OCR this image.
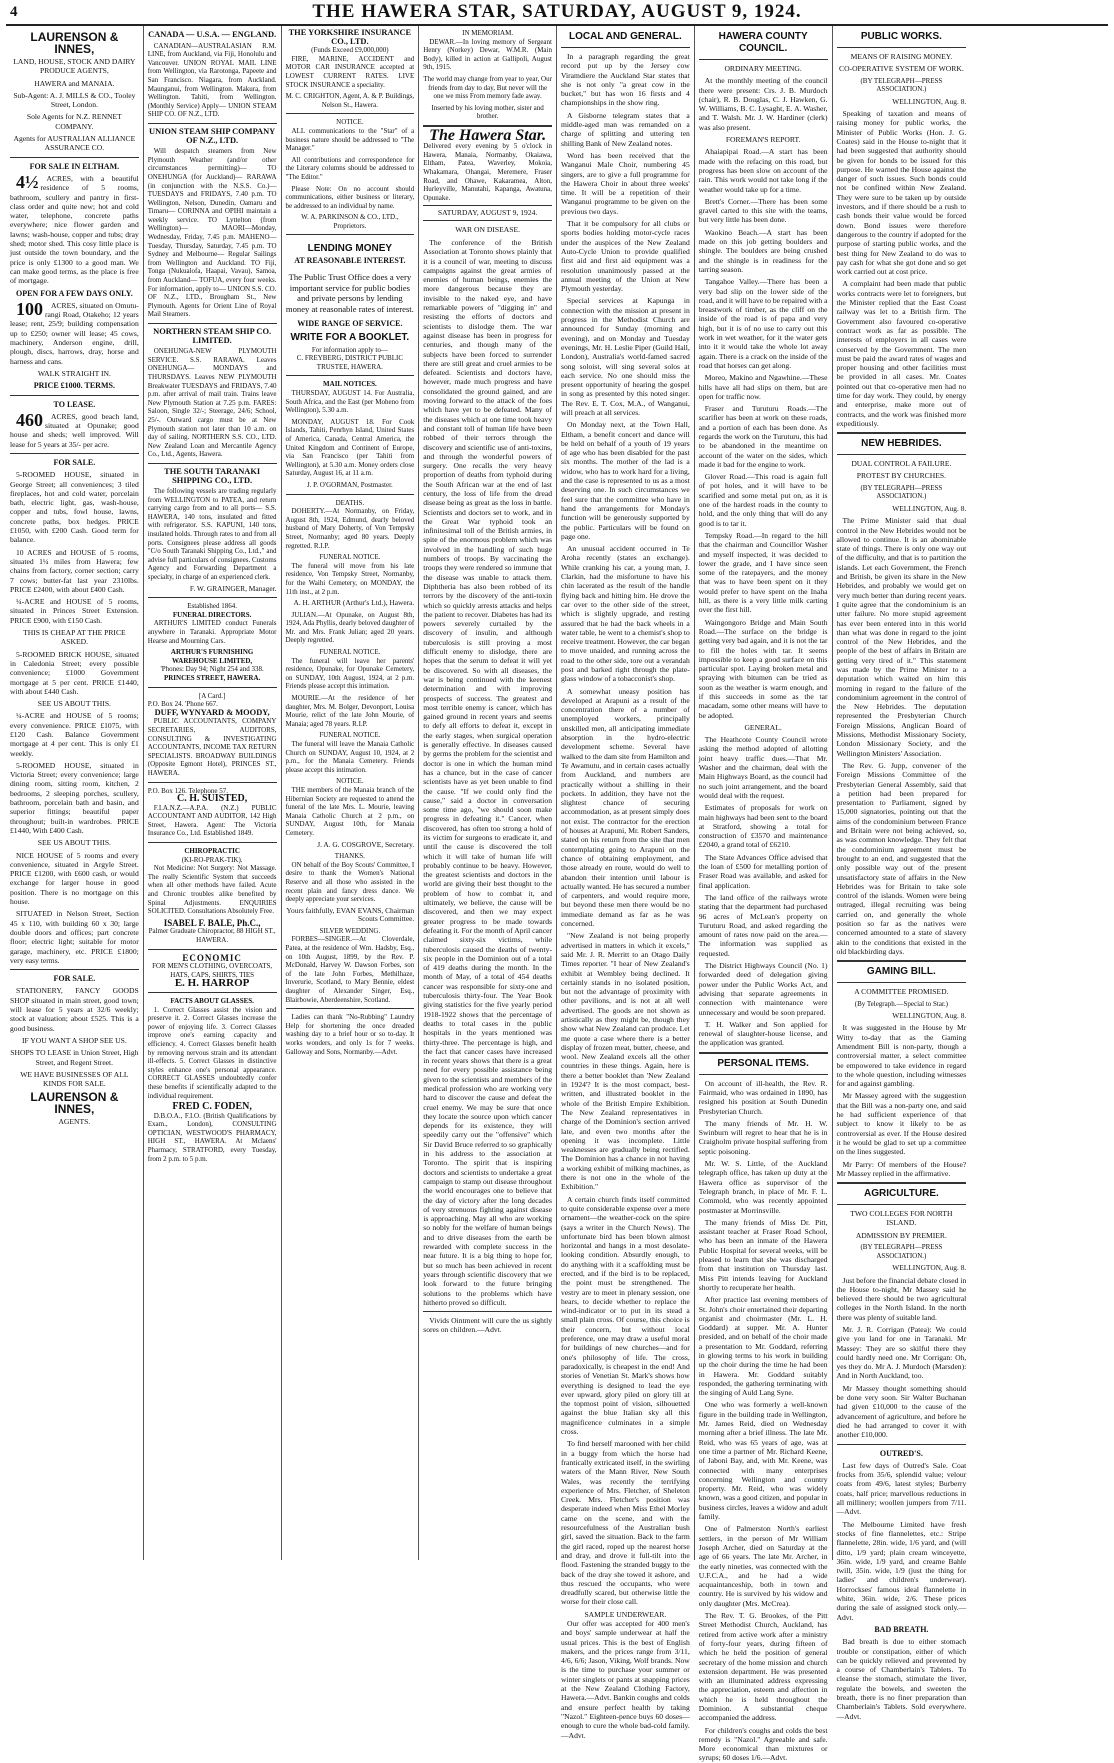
4	THE HAWERA STAR, SATURDAY, AUGUST 9, 1924.
LAURENSON & INNES,
LAND, HOUSE, STOCK AND DAIRY PRODUCE AGENTS,
HAWERA and MANAIA.
Sub-Agent: A. J. MILLS & CO., Tooley Street, London.
Sole Agents for N.Z. RENNET COMPANY.
Agents for AUSTRALIAN ALLIANCE ASSURANCE CO.
FOR SALE IN ELTHAM.

4½ ACRES, with a beautiful residence of 5 rooms, bathroom, scullery and pantry in first-class order and quite new; hot and cold water, telephone, concrete paths everywhere; nice flower garden and lawns; wash-house, copper and tubs; dray shed; motor shed. This cosy little place is just outside the town boundary, and the price is only £1300 to a good man. We can make good terms, as the place is free of mortgage.

OPEN FOR A FEW DAYS ONLY.

100 ACRES, situated on Omutu-rangi Road, Otakeho; 12 years lease; rent, 25/9; building compensation up to £250; owner will lease; 45 cows, machinery, Anderson engine, drill, plough, discs, harrows, dray, horse and harness and cans.

WALK STRAIGHT IN.
PRICE £1000. TERMS.
TO LEASE.

460 ACRES, good beach land, situated at Opunake; good house and sheds; well improved. Will lease for 5 years at 35/- per acre.

FOR SALE.

5-ROOMED HOUSE, situated in George Street; all conveniences; 3 tiled fireplaces, hot and cold water, porcelain bath, electric light, gas, wash-house, copper and tubs, fowl house, lawns, concrete paths, box hedges. PRICE £1050, with £200 Cash. Good term for balance.

10 ACRES and HOUSE of 5 rooms, situated 1¼ miles from Hawera; few chains from factory, corner section; carry 7 cows; butter-fat last year 2310lbs. PRICE £2400, with about £400 Cash.

¼-ACRE and HOUSE of 5 rooms, situated in Princes Street Extension. PRICE £900, with £150 Cash.

THIS IS CHEAP AT THE PRICE ASKED.

5-ROOMED BRICK HOUSE, situated in Caledonia Street; every possible convenience; £1000 Government mortgage at 5 per cent. PRICE £1440, with about £440 Cash.

SEE US ABOUT THIS.

¼-ACRE and HOUSE of 5 rooms; every convenience. PRICE £1075, with £120 Cash. Balance Government mortgage at 4 per cent. This is only £1 weekly.

5-ROOMED HOUSE, situated in Victoria Street; every convenience; large dining room, sitting room, kitchen, 2 bedrooms, 2 sleeping porches, scullery, bathroom, porcelain bath and basin, and superior fittings; beautiful paper throughout; built-in wardrobes. PRICE £1440, With £400 Cash.

SEE US ABOUT THIS.

NICE HOUSE of 5 rooms and every convenience, situated in Argyle Street. PRICE £1200, with £600 cash, or would exchange for larger house in good position. There is no mortgage on this house.

SITUATED in Nelson Street, Section 45 x 110, with building 60 x 30; large double doors and offices; part concrete floor; electric light; suitable for motor garage, machinery, etc. PRICE £1800; very easy terms.

FOR SALE.

STATIONERY, FANCY GOODS SHOP situated in main street, good town; will lease for 5 years at 32/6 weekly; stock at valuation; about £525. This is a good business.

IF YOU WANT A SHOP SEE US.
SHOPS TO LEASE in Union Street, High Street, and Regent Street.
WE HAVE BUSINESSES OF ALL KINDS FOR SALE.
LAURENSON & INNES,
AGENTS.
CANADA — U.S.A. — ENGLAND.

CANADIAN—AUSTRALASIAN R.M. LINE, from Auckland, via Fiji, Honolulu and Vancouver. UNION ROYAL MAIL LINE from Wellington, via Rarotonga, Papeete and San Francisco. Niagara, from Auckland. Maunganui, from Wellington. Makura, from Wellington. Tahiti, from Wellington. (Monthly Service) Apply— UNION STEAM SHIP CO. OF N.Z., LTD.

UNION STEAM SHIP COMPANY OF N.Z., LTD.

Will despatch steamers from New Plymouth Weather (and/or other circumstances permitting)— TO ONEHUNGA (for Auckland)— RARAWA (in conjunction with the N.S.S. Co.)— TUESDAYS and FRIDAYS, 7.40 p.m. TO Wellington, Nelson, Dunedin, Oamaru and Timaru— CORINNA and OPIHI maintain a weekly service. TO Lyttelton (from Wellington)— MAORI—Monday, Wednesday, Friday, 7.45 p.m. MAHENO—Tuesday, Thursday, Saturday, 7.45 p.m. TO Sydney and Melbourne— Regular Sailings from Wellington and Auckland. TO Fiji, Tonga (Nukualofa, Haapai, Vavau), Samoa, from Auckland— TOFUA, every four weeks. For information, apply to— UNION S.S. CO. OF N.Z., LTD., Brougham St., New Plymouth. Agents for Orient Line of Royal Mail Steamers.

NORTHERN STEAM SHIP CO. LIMITED.

ONEHUNGA-NEW PLYMOUTH SERVICE. S.S. RARAWA. Leaves ONEHUNGA— MONDAYS and THURSDAYS. Leaves NEW PLYMOUTH Breakwater TUESDAYS and FRIDAYS, 7.40 p.m. after arrival of mail train. Trains leave New Plymouth Station at 7.25 p.m. FARES: Saloon, Single 32/-; Steerage, 24/6; School, 25/-. Outward cargo must be at New Plymouth station not later than 10 a.m. on day of sailing. NORTHERN S.S. CO., LTD. New Zealand Loan and Mercantile Agency Co., Ltd., Agents, Hawera.

THE SOUTH TARANAKI SHIPPING CO., LTD.

The following vessels are trading regularly from WELLINGTON to PATEA, and return carrying cargo from and to all ports— S.S. HAWERA, 140 tons, insulated and fitted with refrigerator. S.S. KAPUNI, 140 tons, insulated holds. Through rates to and from all ports. Consignees please address all goods "C/o South Taranaki Shipping Co., Ltd.," and advise full particulars of consignees. Customs Agency and Forwarding Department a specialty, in charge of an experienced clerk.

F. W. GRAINGER, Manager.
Established 1864.
FUNERAL DIRECTORS.

ARTHUR'S LIMITED conduct Funerals anywhere in Taranaki. Appropriate Motor Hearse and Mourning Cars.

ARTHUR'S FURNISHING WAREHOUSE LIMITED,
'Phones: Day 94; Night 254 and 338.
PRINCES STREET, HAWERA.
[A Card.]
P.O. Box 24. 'Phone 667.
DUFF, WYNYARD & MOODY,

PUBLIC ACCOUNTANTS, COMPANY SECRETARIES, AUDITORS, CONSULTING & INVESTIGATING ACCOUNTANTS, INCOME TAX RETURN SPECIALISTS. BROADWAY BUILDINGS (Opposite Egmont Hotel), PRINCES ST., HAWERA.

P.O. Box 126. Telephone 57.
C. H. SUISTED,

F.I.A.N.Z.—A.P.A. (N.Z.) PUBLIC ACCOUNTANT AND AUDITOR, 142 High Street, Hawera. Agent: The Victoria Insurance Co., Ltd. Established 1849.

CHIROPRACTIC
(KI-RO-PRAK-TIK).

Not Medicine: Not Surgery: Not Massage. The really Scientific System that succeeds when all other methods have failed. Acute and Chronic troubles alike benefited by Spinal Adjustments. ENQUIRIES SOLICITED. Consultations Absolutely Free.

ISABEL F. BALE, Ph.C.,
Palmer Graduate Chiropractor, 88 HIGH ST., HAWERA.
ECONOMIC
FOR MEN'S CLOTHING, OVERCOATS, HATS, CAPS, SHIRTS, TIES
E. H. HARROP
FACTS ABOUT GLASSES.

1. Correct Glasses assist the vision and preserve it. 2. Correct Glasses increase the power of enjoying life. 3. Correct Glasses improve one's earning capacity and efficiency. 4. Correct Glasses benefit health by removing nervous strain and its attendant ill-effects. 5. Correct Glasses in distinctive styles enhance one's personal appearance. CORRECT GLASSES undoubtedly confer these benefits if scientifically adapted to the individual requirement.

FRED C. FODEN,

D.B.O.A., F.I.O. (British Qualifications by Exam., London), CONSULTING OPTICIAN, WESTWOOD'S PHARMACY, HIGH ST., HAWERA. At Mclaens' Pharmacy, STRATFORD, every Tuesday, from 2 p.m. to 5 p.m.

THE YORKSHIRE INSURANCE CO., LTD.
(Funds Exceed £9,000,000)

FIRE, MARINE, ACCIDENT and MOTOR CAR INSURANCE accepted at LOWEST CURRENT RATES. LIVE STOCK INSURANCE a speciality.

M. C. CRIGHTON, Agent, A. & P. Buildings, Nelson St., Hawera.
NOTICE.

ALL communications to the "Star" of a business nature should be addressed to "The Manager."

All contributions and correspondence for the Literary columns should be addressed to "The Editor."

Please Note: On no account should communications, either business or literary, be addressed to an individual by name.

W. A. PARKINSON & CO., LTD., Proprietors.
LENDING MONEY
AT REASONABLE INTEREST.
The Public Trust Office does a very important service for public bodies and private persons by lending money at reasonable rates of interest.
WIDE RANGE OF SERVICE.
WRITE FOR A BOOKLET.
For information apply to—
C. FREYBERG, DISTRICT PUBLIC TRUSTEE, HAWERA.
MAIL NOTICES.

THURSDAY, AUGUST 14. For Australia, South Africa, and the East (per Moheno from Wellington), 5.30 a.m.

MONDAY, AUGUST 18. For Cook Islands, Tahiti, Penrhyn Island, United States of America, Canada, Central America, the United Kingdom and Continent of Europe, via San Francisco (per Tahiti from Wellington), at 5.30 a.m. Money orders close Saturday, August 16, at 11 a.m.

J. P. O'GORMAN, Postmaster.
DEATHS.

DOHERTY.—At Normanby, on Friday, August 8th, 1924, Edmund, dearly beloved husband of Mary Doherty, of Von Tempsky Street, Normanby; aged 80 years. Deeply regretted. R.I.P.

FUNERAL NOTICE.

The funeral will move from his late residence, Von Tempsky Street, Normanby, for the Waihi Cemetery, on MONDAY, the 11th inst., at 2 p.m.

A. H. ARTHUR (Arthur's Ltd.), Hawera.

JULIAN.—At Opunake, on August 8th, 1924, Ada Phyllis, dearly beloved daughter of Mr. and Mrs. Frank Julian; aged 20 years. Deeply regretted.

FUNERAL NOTICE.

The funeral will leave her parents' residence, Opunake, for Opunake Cemetery, on SUNDAY, 10th August, 1924, at 2 p.m. Friends please accept this intimation.

MOURIE.—At the residence of her daughter, Mrs. M. Bolger, Devonport, Louisa Mourie, relict of the late John Mourie, of Manaia; aged 78 years. R.I.P.

FUNERAL NOTICE.

The funeral will leave the Manaia Catholic Church on SUNDAY, August 10, 1924, at 2 p.m., for the Manaia Cemetery. Friends please accept this intimation.

NOTICE.

THE members of the Manaia branch of the Hibernian Society are requested to attend the funeral of the late Mrs. L. Mourie, leaving Manaia Catholic Church at 2 p.m., on SUNDAY, August 10th, for Manaia Cemetery.

J. A. G. COSGROVE, Secretary.
THANKS.

ON behalf of the Boy Scouts' Committee, I desire to thank the Women's National Reserve and all those who assisted in the recent plain and fancy dress dance. We deeply appreciate your services.

Yours faithfully, EVAN EVANS, Chairman Scouts Committee.
SILVER WEDDING.

FORBES—SINGER.—At Cloverdale, Patea, at the residence of Wm. Hadsby, Esq., on 10th August, 1899, by the Rev. P. McDonald, Harvey W. Dawson Forbes, son of the late John Forbes, Methilhaze, Inverurie, Scotland, to Mary Bennie, eldest daughter of Alexander Singer, Esq., Blairbowie, Aberdeenshire, Scotland.

Ladies can thank "No-Rubbing" Laundry Help for shortening the once dreaded washing day to a brief hour or so to-day. It works wonders, and only 1s for 7 weeks. Galloway and Sons, Normanby.—Advt.

IN MEMORIAM.

DEWAR.—In loving memory of Sergeant Henry (Norkey) Dewar, W.M.R. (Main Body), killed in action at Gallipoli, August 9th, 1915.

The world may change from year to year, Our friends from day to day, But never will the one we miss From memory fade away.

Inserted by his loving mother, sister and brother.

The Hawera Star.

Delivered every evening by 5 o'clock in Hawera, Manaia, Normanby, Okaiawa, Eltham, Patea, Waverley, Mokoia, Whakamara, Ohangai, Meremere, Fraser Road, and Ohawe, Kakaramea, Alton, Hurleyville, Manutahi, Kapanga, Awatuna, Opunake.

SATURDAY, AUGUST 9, 1924.
WAR ON DISEASE.

The conference of the British Association at Toronto shows plainly that it is a council of war, meeting to discuss campaigns against the great armies of enemies of human beings, enemies the more dangerous because they are invisible to the naked eye, and have remarkable powers of "digging in" and resisting the efforts of doctors and scientists to dislodge them. The war against disease has been in progress for centuries, and though many of the subjects have been forced to surrender there are still great and cruel armies to be defeated. Scientists and doctors have, however, made much progress and have consolidated the ground gained, and are moving forward to the attack of the foes which have yet to be defeated. Many of the diseases which at one time took heavy and constant toll of human life have been robbed of their terrors through the discovery and scientific use of anti-toxins, and through the wonderful powers of surgery. One recalls the very heavy proportion of deaths from typhoid during the South African war at the end of last century, the loss of life from the dread disease being as great as the loss in battle. Scientists and doctors set to work, and in the Great War typhoid took an infinitesimal toll of the British armies, in spite of the enormous problem which was involved in the handling of such huge numbers of troops. By vaccinating the troops they were rendered so immune that the disease was unable to attack them. Diphtheria has also been robbed of its terrors by the discovery of the anti-toxin which so quickly arrests attacks and helps the patient to recover. Diabetes has had its powers severely curtailed by the discovery of insulin, and although tuberculosis is still proving a most difficult enemy to dislodge, there are hopes that the serum to defeat it will yet be discovered. So with all diseases, the war is being continued with the keenest determination and with improving prospects of success. The greatest and most terrible enemy is cancer, which has gained ground in recent years and seems to defy all efforts to defeat it, except in the early stages, when surgical operation is generally effective. In diseases caused by germs the problem for the scientist and doctor is one in which the human mind has a chance, but in the case of cancer scientists have as yet been unable to find the cause. "If we could only find the cause," said a doctor in conversation some time ago, "we should soon make progress in defeating it." Cancer, when discovered, has often too strong a hold of its victim for surgeons to eradicate it, and until the cause is discovered the toll which it will take of human life will probably continue to be heavy. However, the greatest scientists and doctors in the world are giving their best thought to the problem of how to combat it, and ultimately, we believe, the cause will be discovered, and then we may expect greater progress to be made towards defeating it. For the month of April cancer claimed sixty-six victims, while tuberculosis caused the deaths of twenty-six people in the Dominion out of a total of 419 deaths during the month. In the month of May, of a total of 454 deaths cancer was responsible for sixty-one and tuberculosis thirty-four. The Year Book giving statistics for the five yearly period 1918-1922 shows that the percentage of deaths to total cases in the public hospitals in the years mentioned was thirty-three. The percentage is high, and the fact that cancer cases have increased in recent years shows that there is a great need for every possible assistance being given to the scientists and members of the medical profession who are working very hard to discover the cause and defeat the cruel enemy. We may be sure that once they locate the source upon which cancer depends for its existence, they will speedily carry out the "offensive" which Sir David Bruce referred to so graphically in his address to the association at Toronto. The spirit that is inspiring doctors and scientists to undertake a great campaign to stamp out disease throughout the world encourages one to believe that the day of victory after the long decades of very strenuous fighting against disease is approaching. May all who are working so nobly for the welfare of human beings and to drive diseases from the earth be rewarded with complete success in the near future. It is a big thing to hope for, but so much has been achieved in recent years through scientific discovery that we look forward to the future bringing solutions to the problems which have hitherto proved so difficult.

Vivids Ointment will cure the us sightly sores on children.—Advt.

LOCAL AND GENERAL.

In a paragraph regarding the great record put up by the Jersey cow Viramdiere the Auckland Star states that she is not only "a great cow in the bucket," but has won 16 firsts and 4 championships in the show ring.

A Gisborne telegram states that a middle-aged man was remanded on a charge of splitting and uttering ten shilling Bank of New Zealand notes.

Word has been received that the Wanganui Male Choir, numbering 45 singers, are to give a full programme for the Hawera Choir in about three weeks' time. It will be a repetition of their Wanganui programme to be given on the previous two days.

That it be compulsory for all clubs or sports bodies holding motor-cycle races under the auspices of the New Zealand Auto-Cycle Union to provide qualified first aid and first aid equipment was a resolution unanimously passed at the annual meeting of the Union at New Plymouth yesterday.

Special services at Kapunga in connection with the mission at present in progress in the Methodist Church are announced for Sunday (morning and evening), and on Monday and Tuesday evenings, Mr. H. Leslie Piper (Guild Hall, London), Australia's world-famed sacred song soloist, will sing several solos at each service. No one should miss the present opportunity of hearing the gospel in song as presented by this noted singer. The Rev. E. T. Cox, M.A., of Wanganui, will preach at all services.

On Monday next, at the Town Hall, Eltham, a benefit concert and dance will be held on behalf of a youth of 19 years of age who has been disabled for the past six months. The mother of the lad is a widow, who has to work hard for a living, and the case is represented to us as a most deserving one. In such circumstances we feel sure that the committee who have in hand the arrangements for Monday's function will be generously supported by the public. Particulars will be found on page one.

An unusual accident occurred in Te Aroha recently (states an exchange). While cranking his car, a young man, J. Clarkin, had the misfortune to have his chin lacerated as the result of the handle flying back and hitting him. He drove the car over to the other side of the street, which is slightly upgrade, and resting assured that he had the back wheels in a water table, he went to a chemist's shop to receive treatment. However, the car began to move unaided, and running across the road to the other side, tore out a verandah post and barked right through the plate-glass window of a tobacconist's shop.

A somewhat uneasy position has developed at Arapuni as a result of the concentration there of a number of unemployed workers, principally unskilled men, all anticipating immediate absorption in the hydro-electric development scheme. Several have walked to the dam site from Hamilton and Te Awamutu, and in certain cases actually from Auckland, and numbers are practically without a shilling in their pockets. In addition, they have not the slightest chance of securing accommodation, as at present simply does not exist. The contractor for the erection of houses at Arapuni, Mr. Robert Sanders, stated on his return from the site that men contemplating going to Arapuni on the chance of obtaining employment, and those already en route, would do well to abandon their intention until labour is actually wanted. He has secured a number of carpenters, and would require more, but beyond these men there would be no immediate demand as far as he was concerned.

"New Zealand is not being properly advertised in matters in which it excels," said Mr. J. R. Merritt to an Otago Daily Times reporter. "I hear of New Zealand's exhibit at Wembley being declined. It certainly stands in no isolated position, but not the advantage of proximity with other pavilions, and is not at all well advertised. The goods are not shown as artistically as they might be, though they show what New Zealand can produce. Let me quote a case where there is a better display of frozen meat, butter, cheese, and wool. New Zealand excels all the other countries in these things. Again, here is there a better booklet than 'New Zealand in 1924'? It is the most compact, best-written, and illustrated booklet in the whole of the British Empire Exhibition. The New Zealand representatives in charge of the Dominion's section arrived late, and even two months after the opening it was incomplete. Little weaknesses are gradually being rectified. The Dominion has a chance in not having a working exhibit of milking machines, as there is not one in the whole of the Exhibition."

A certain church finds itself committed to quite considerable expense over a mere ornament—the weather-cock on the spire (says a writer in the Church News). The unfortunate bird has been blown almost horizontal and hangs in a most desolate-looking condition. Absurdly enough, to do anything with it a scaffolding must be erected, and if the bird is to be replaced, the point must be strengthened. The vestry are to meet in plenary session, one hears, to decide whether to replace the wind-indicator or to put in its stead a small plain cross. Of course, this choice is their concern, but without local preference, one may draw a useful moral for buildings of new churches—and for one's philosophy of life. The cross, paradoxically, is cheapest in the end! And stories of Venetian St. Mark's shows how everything is designed to lead the eye ever upward, glory piled on glory till at the topmost point of vision, silhouetted against the blue Italian sky all this magnificence culminates in a simple cross.

To find herself marooned with her child in a buggy from which the horse had frantically extricated itself, in the swirling waters of the Mann River, New South Wales, was recently the terrifying experience of Mrs. Fletcher, of Sheleton Creek. Mrs. Fletcher's position was desperate indeed when Miss Ethel Morley came on the scene, and with the resourcefulness of the Australian bush girl, saved the situation. Back to the farm the girl raced, roped up the nearest horse and dray, and drove it full-tilt into the flood. Fastening the stranded buggy to the back of the dray she towed it ashore, and thus rescued the occupants, who were dreadfully scared, but otherwise little the worse for their close call.

SAMPLE UNDERWEAR.

Our offer was accepted for 400 men's and boys' sample underwear at half the usual prices. This is the best of English makers, and the prices range from 3/11, 4/6, 6/6; Jason, Viking, Wolf brands. Now is the time to purchase your summer or winter singlets or pants at snapping prices at the New Zealand Clothing Factory, Hawera.—Advt. Bankin coughs and colds and ensure perfect health by taking "Nazol." Eighteen-pence buys 60 doses—enough to cure the whole bad-cold family.—Advt.

HAWERA COUNTY COUNCIL.
ORDINARY MEETING.

At the monthly meeting of the council there were present: Crs. J. B. Murdoch (chair), R. B. Douglas, C. J. Hawken, G. W. Williams, B. C. Lysaght, E. A. Washer, and T. Walsh. Mr. J. W. Hardiner (clerk) was also present.

FOREMAN'S REPORT.

Ahaiapipai Road.—A start has been made with the refacing on this road, but progress has been slow on account of the rain. This work would not take long if the weather would take up for a time.

Brett's Corner.—There has been some gravel carted to this site with the teams, but very little has been done.

Waokino Beach.—A start has been made on this job getting boulders and shingle. The boulders are being crushed and the shingle is in readiness for the tarring season.

Tangahoe Valley.—There has been a very bad slip on the lower side of the road, and it will have to be repaired with a breastwork of timber, as the cliff on the inside of the road is of papa and very high, but it is of no use to carry out this work in wet weather, for it the water gets into it it would take the whole lot away again. There is a crack on the inside of the road that horses can get along.

Moreo, Makino and Ngawhine.—These hills have all had slips on them, but are open for traffic now.

Fraser and Turuturu Roads.—The scarifier has been at work on these roads, and a portion of each has been done. As regards the work on the Turuturu, this had to be abandoned in the meantime on account of the water on the sides, which made it bad for the engine to work.

Glover Road.—This road is again full of pot holes, and it will have to be scarified and some metal put on, as it is one of the hardest roads in the county to hold, and the only thing that will do any good is to tar it.

Tempsky Road.—In regard to the hill that the chairman and Councillor Washer and myself inspected, it was decided to lower the grade, and I have since seen some of the ratepayers, and the money that was to have been spent on it they would prefer to have spent on the Inaha hill, as there is a very little milk carting over the first hill.

Waingongoro Bridge and Main South Road.—The surface on the bridge is getting very bad again, and it is not the tar to fill the holes with tar. It seems impossible to keep a good surface on this particular spot. Laying broken metal and spraying with bitumen can be tried as soon as the weather is warm enough, and if this succeeds in some as the tar macadam, some other means will have to be adopted.

GENERAL.

The Heathcote County Council wrote asking the method adopted of allotting joint heavy traffic dues.—That Mr. Washer and the chairman, deal with the Main Highways Board, as the council had no such joint arrangement, and the board would deal with the request.

Estimates of proposals for work on main highways had been sent to the board at Stratford, showing a total for construction of £3570 and maintenance £2040, a grand total of £6210.

The State Advances Office advised that the loan of £500 for metalling portion of Fraser Road was available, and asked for final application.

The land office of the railways wrote stating that the department had purchased 96 acres of McLean's property on Turuturu Road, and asked regarding the amount of rates now paid on the area.—The information was supplied as requested.

The District Highways Council (No. 1) forwarded deed of delegation giving power under the Public Works Act, and advising that separate agreements in connection with maintenance were unnecessary and would be soon prepared.

T. H. Walker and Son applied for renewal of slaughter-house license, and the application was granted.

PERSONAL ITEMS.

On account of ill-health, the Rev. R. Fairmaid, who was ordained in 1890, has resigned his position at South Dunedin Presbyterian Church.

The many friends of Mr. H. W. Swinburn will regret to hear that he is in Craigholm private hospital suffering from septic poisoning.

Mr. W. S. Little, of the Auckland telegraph office, has taken up duty at the Hawera office as supervisor of the Telegraph branch, in place of Mr. F. L. Commold, who was recently appointed postmaster at Morrinsville.

The many friends of Miss Dr. Pitt, assistant teacher at Fraser Road School, who has been an inmate of the Hawera Public Hospital for several weeks, will be pleased to learn that she was discharged from that institution on Thursday last. Miss Pitt intends leaving for Auckland shortly to recuperate her health.

After practice last evening members of St. John's choir entertained their departing organist and choirmaster (Mr. L. H. Goddard) at supper. Mr. A. Hunter presided, and on behalf of the choir made a presentation to Mr. Goddard, referring in glowing terms to his work in building up the choir during the time he had been in Hawera. Mr. Goddard suitably responded, the gathering terminating with the singing of Auld Lang Syne.

One who was formerly a well-known figure in the building trade in Wellington, Mr. James Reid, died on Wednesday morning after a brief illness. The late Mr. Reid, who was 65 years of age, was at one time a partner of Mr. Richard Keene, of Jaboni Bay, and, with Mr. Keene, was connected with many enterprises concerning Wellington and country property. Mr. Reid, who was widely known, was a good citizen, and popular in business circles, leaves a widow and adult family.

One of Palmerston North's earliest settlers, in the person of Mr William Joseph Archer, died on Saturday at the age of 66 years. The late Mr. Archer, in the early nineties, was connected with the U.F.C.A., and he had a wide acquaintanceship, both in town and country. He is survived by his widow and only daughter (Mrs. McCrea).

The Rev. T. G. Brookes, of the Pitt Street Methodist Church, Auckland, has retired from active work after a ministry of forty-four years, during fifteen of which he held the position of general secretary of the home mission and church extension department. He was presented with an illuminated address expressing the appreciation, esteem and affection in which he is held throughout the Dominion. A substantial cheque accompanied the address.

For children's coughs and colds the best remedy is "Nazol." Agreeable and safe. More economical than mixtures or syrups; 60 doses 1/6.—Advt.

PUBLIC WORKS.
MEANS OF RAISING MONEY.
CO-OPERATIVE SYSTEM OF WORK.
(BY TELEGRAPH—PRESS ASSOCIATION.)
WELLINGTON, Aug. 8.

Speaking of taxation and means of raising money for public works, the Minister of Public Works (Hon. J. G. Coates) said in the House to-night that it had been suggested that authority should be given for bonds to be issued for this purpose. He warned the House against the danger of such issues. Such bonds could not be confined within New Zealand. They were sure to be taken up by outside investors, and if there should be a rush to cash bonds their value would be forced down. Bond issues were therefore dangerous to the country if adopted for the purpose of starting public works, and the best thing for New Zealand to do was to pay cash for what she got done and so get work carried out at cost price.

A complaint had been made that public works contracts were let to foreigners, but the Minister replied that the East Coast railway was let to a British firm. The Government also favoured co-operative contract work as far as possible. The interests of employers in all cases were conserved by the Government. The men must be paid the award rates of wages and proper housing and other facilities must be provided in all cases. Mr. Coates pointed out that co-operative men had no time for day work. They could, by energy and enterprise, make more out of contracts, and the work was finished more expeditiously.

NEW HEBRIDES.
DUAL CONTROL A FAILURE.
PROTEST BY CHURCHES.
(BY TELEGRAPH—PRESS ASSOCIATION.)
WELLINGTON, Aug. 8.

The Prime Minister said that dual control in the New Hebrides would not be allowed to continue. It is an abominable state of things. There is only one way out of the difficulty, and that is to partition the islands. Let each Government, the French and British, be given its share in the New Hebrides, and probably we would get on very much better than during recent years. I quite agree that the condominium is an utter failure. No more stupid agreement has ever been entered into in this world than what was done in regard to the joint control of the New Hebrides, and the people of the best of affairs in Britain are getting very tired of it." This statement was made by the Prime Minister to a deputation which waited on him this morning in regard to the failure of the condominium agreement in the control of the New Hebrides. The deputation represented the Presbyterian Church Foreign Missions, Anglican Board of Missions, Methodist Missionary Society, London Missionary Society, and the Wellington Ministers' Association.

The Rev. G. Jupp, convener of the Foreign Missions Committee of the Presbyterian General Assembly, said that a petition had been prepared for presentation to Parliament, signed by 15,000 signatories, pointing out that the aims of the condominium between France and Britain were not being achieved, so, as was common knowledge. They felt that the condominium agreement must be brought to an end, and suggested that the only possible way out of the present unsatisfactory state of affairs in the New Hebrides was for Britain to take sole control of the islands. Women were being outraged, illegal recruiting was being carried on, and generally the whole position so far as the natives were concerned amounted to a state of slavery akin to the conditions that existed in the old blackbirding days.

GAMING BILL.
A COMMITTEE PROMISED.
(By Telegraph.—Special to Star.)
WELLINGTON, Aug. 8.

It was suggested in the House by Mr Witty to-day that as the Gaming Amendment Bill is non-party, though a controversial matter, a select committee be empowered to take evidence in regard to the whole question, including witnesses for and against gambling.

Mr Massey agreed with the suggestion that the Bill was a non-party one, and said he had sufficient experience of that subject to know it likely to be as controversial as ever. If the House desired it he would be glad to set up a committee on the lines suggested.

Mr Parry: Of members of the House? Mr Massey replied in the affirmative.

AGRICULTURE.
TWO COLLEGES FOR NORTH ISLAND.
ADMISSION BY PREMIER.
(BY TELEGRAPH—PRESS ASSOCIATION.)
WELLINGTON, Aug. 8.

Just before the financial debate closed in the House to-night, Mr Massey said he believed there should be two agricultural colleges in the North Island. In the north there was plenty of suitable land.

Mr. J. R. Corrigan (Patea): We could give you land for one in Taranaki. Mr Massey: They are so skilful there they could hardly need one. Mr Corrigan: Oh, yes they do. Mr A. J. Murdoch (Marsden): And in North Auckland, too.

Mr Massey thought something should be done very soon. Sir Walter Buchanan had given £10,000 to the cause of the advancement of agriculture, and before he died he had arranged to cover it with another £10,000.

OUTRED'S.

Last few days of Outred's Sale. Coat frocks from 35/6, splendid value; velour coats from 49/6, latest styles; Burberry coats, half price; marvellous reductions in all millinery; woollen jumpers from 7/11.—Advt.

The Melbourne Limited have fresh stocks of fine flannelettes, etc.: Stripe flannelette, 28in. wide, 1/6 yard, and (will ditto, 1/9 yard; plain cream winceyette, 36in. wide, 1/9 yard, and creame Bahle twill, 35in. wide, 1/9 (just the thing for ladies' and children's underwear). Horrockses' famous ideal flannelette in white, 36in. wide, 2/6. These prices during the sale of assigned stock only.—Advt.

BAD BREATH.

Bad breath is due to either stomach trouble or constipation, either of which can be quickly relieved and prevented by a course of Chamberlain's Tablets. To cleanse the stomach, stimulate the liver, regulate the bowels, and sweeten the breath, there is no finer preparation than Chamberlain's Tablets. Sold everywhere.—Advt.
